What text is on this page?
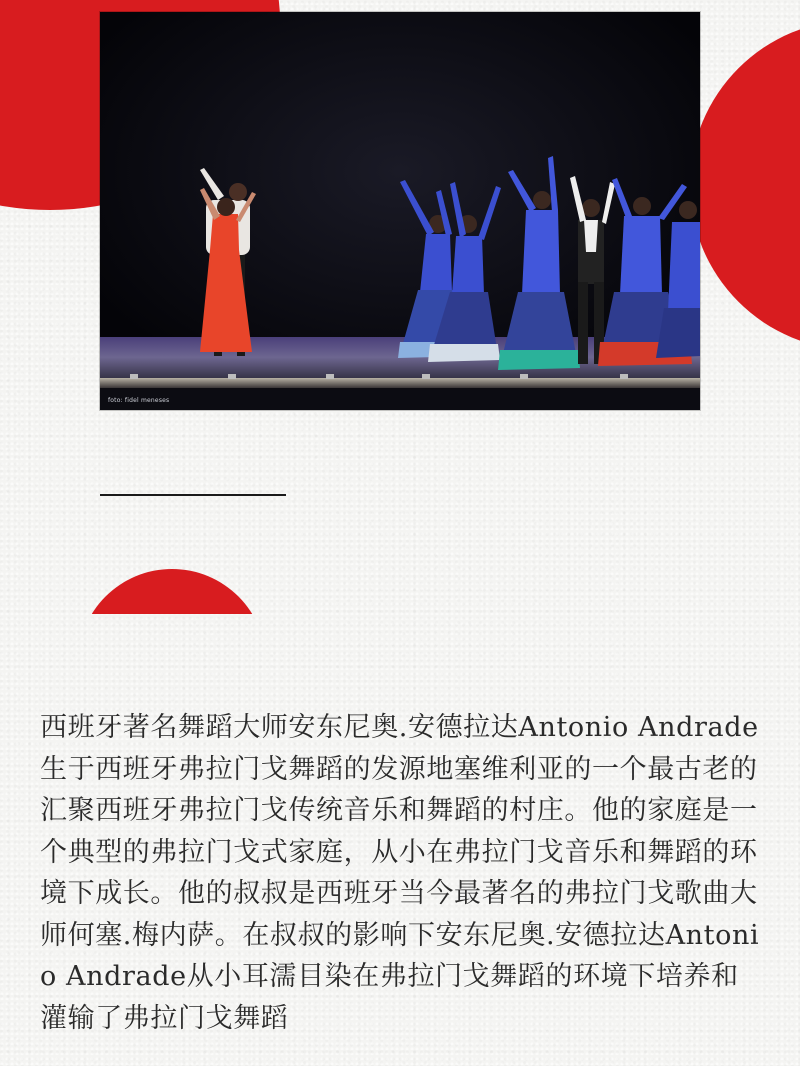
foto: fidel meneses

西班牙著名舞蹈大师安东尼奥.安德拉达Antonio Andrade生于西班牙弗拉门戈舞蹈的发源地塞维利亚的一个最古老的汇聚西班牙弗拉门戈传统音乐和舞蹈的村庄。他的家庭是一个典型的弗拉门戈式家庭，从小在弗拉门戈音乐和舞蹈的环境下成长。他的叔叔是西班牙当今最著名的弗拉门戈歌曲大师何塞.梅内萨。在叔叔的影响下安东尼奥.安德拉达Antonio Andrade从小耳濡目染在弗拉门戈舞蹈的环境下培养和灌输了弗拉门戈舞蹈
